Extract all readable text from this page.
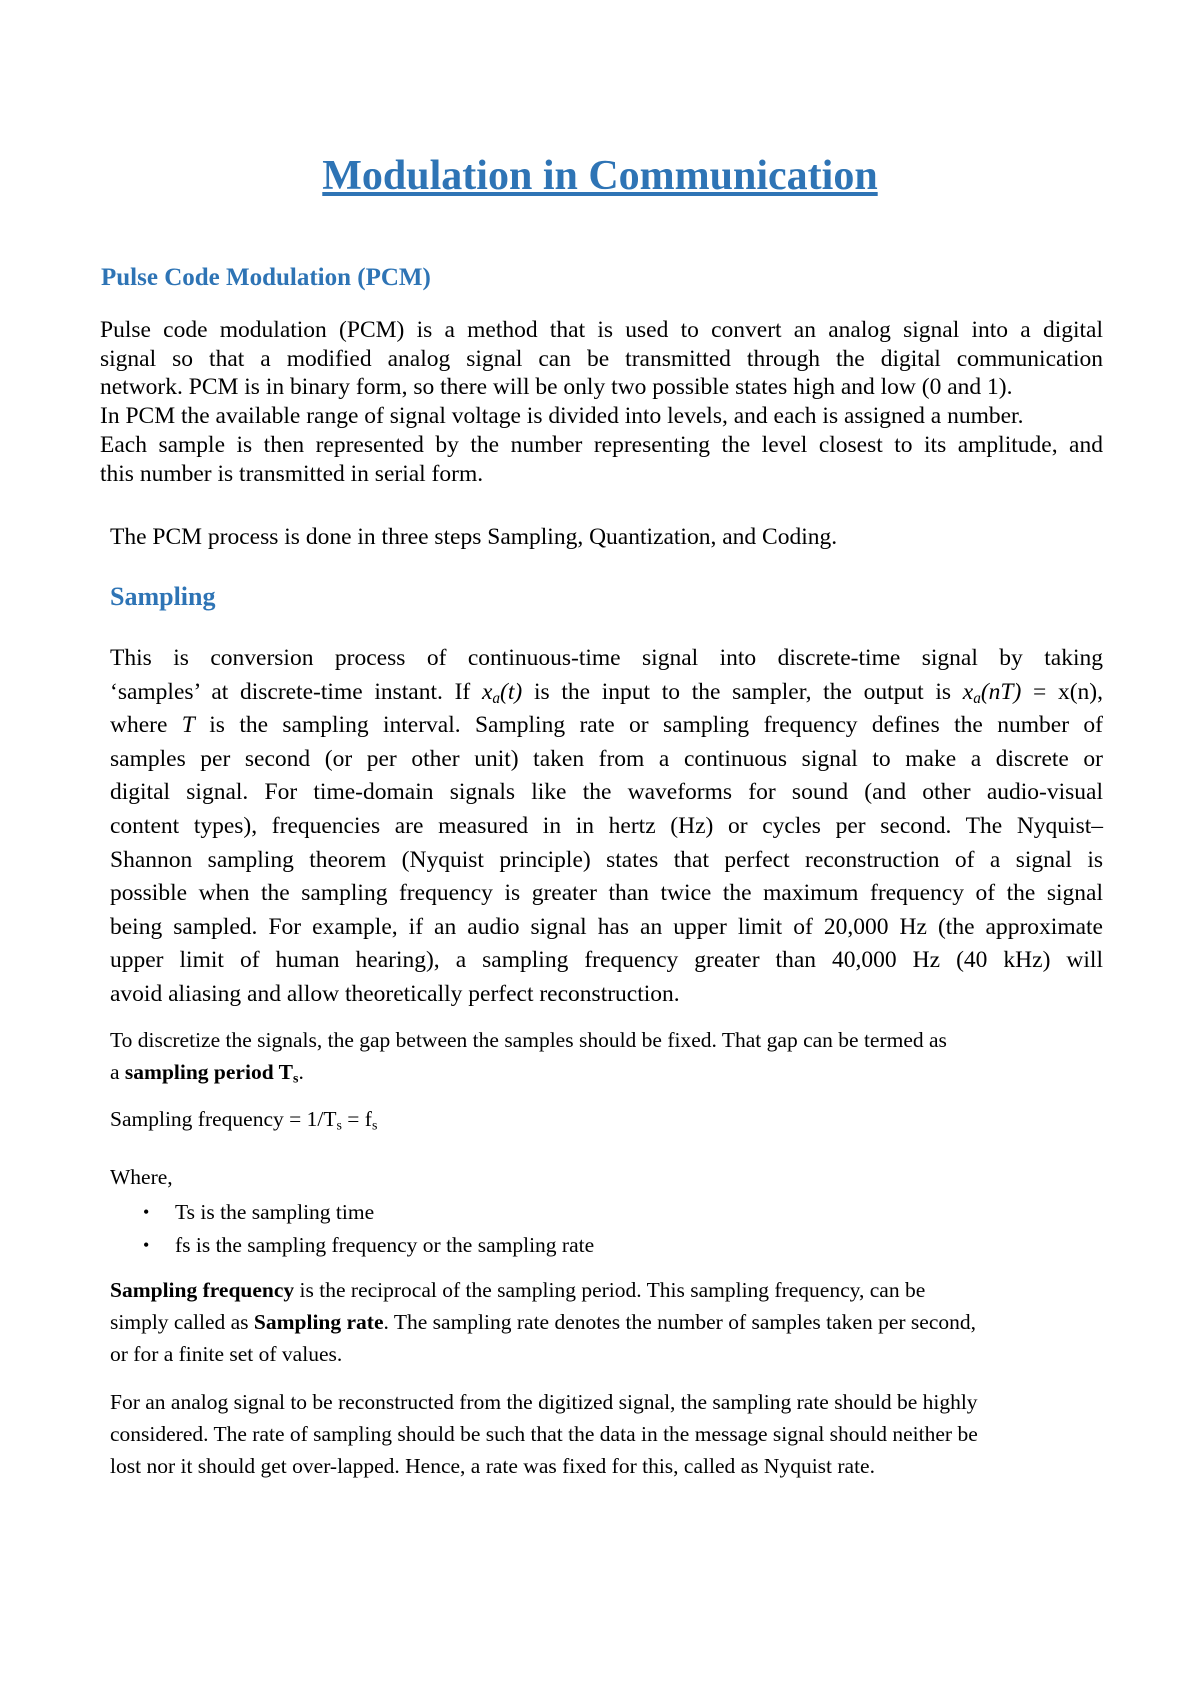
Modulation in Communication
Pulse Code Modulation (PCM)

Pulse code modulation (PCM) is a method that is used to convert an analog signal into a digital
signal so that a modified analog signal can be transmitted through the digital communication
network. PCM is in binary form, so there will be only two possible states high and low (0 and 1).
In PCM the available range of signal voltage is divided into levels, and each is assigned a number.
Each sample is then represented by the number representing the level closest to its amplitude, and
this number is transmitted in serial form.

The PCM process is done in three steps Sampling, Quantization, and Coding.

Sampling

This is conversion process of continuous-time signal into discrete-time signal by taking
‘samples’ at discrete-time instant. If $x_a(t)$ is the input to the sampler, the output is $x_a(nT) = x(n)$,
where T is the sampling interval. Sampling rate or sampling frequency defines the number of
samples per second (or per other unit) taken from a continuous signal to make a discrete or
digital signal. For time-domain signals like the waveforms for sound (and other audio-visual
content types), frequencies are measured in in hertz (Hz) or cycles per second. The Nyquist–
Shannon sampling theorem (Nyquist principle) states that perfect reconstruction of a signal is
possible when the sampling frequency is greater than twice the maximum frequency of the signal
being sampled. For example, if an audio signal has an upper limit of 20,000 Hz (the approximate
upper limit of human hearing), a sampling frequency greater than 40,000 Hz (40 kHz) will
avoid aliasing and allow theoretically perfect reconstruction.

To discretize the signals, the gap between the samples should be fixed. That gap can be termed as
a sampling period $T_s$.

Sampling frequency = $1/T_s = f_s$

Where,

• Ts is the sampling time
• fs is the sampling frequency or the sampling rate

Sampling frequency is the reciprocal of the sampling period. This sampling frequency, can be
simply called as Sampling rate. The sampling rate denotes the number of samples taken per second,
or for a finite set of values.

For an analog signal to be reconstructed from the digitized signal, the sampling rate should be highly
considered. The rate of sampling should be such that the data in the message signal should neither be
lost nor it should get over-lapped. Hence, a rate was fixed for this, called as Nyquist rate.
